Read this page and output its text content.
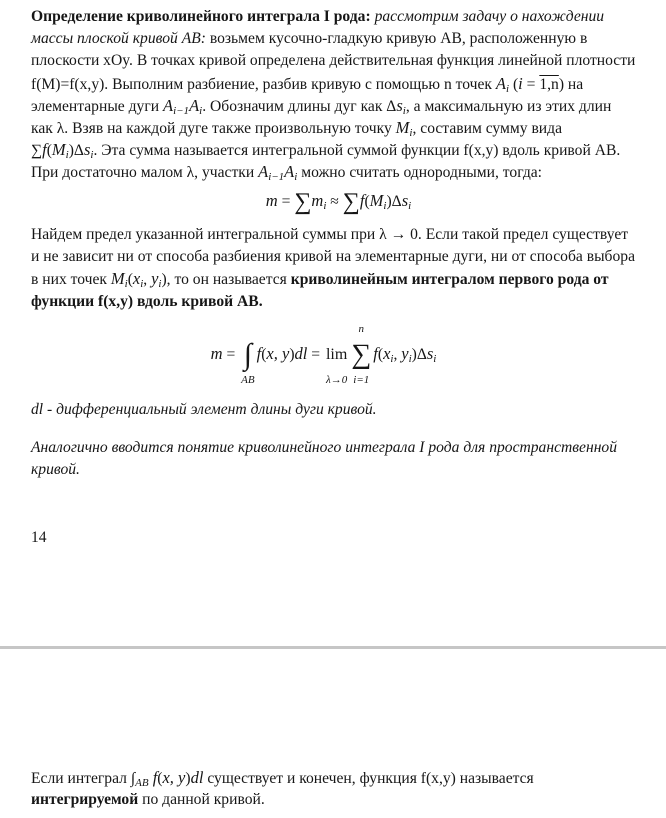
Определение криволинейного интеграла I рода: рассмотрим задачу о нахождении
массы плоской кривой АВ: возьмем кусочно-гладкую кривую АВ, расположенную в
плоскости xOy. В точках кривой определена действительная функция линейной плотности
f(M)=f(x,y). Выполним разбиение, разбив кривую с помощью n точек Ai (i = 1,n) на
элементарные дуги Ai−1Ai. Обозначим длины дуг как Δsi, а максимальную из этих длин
как λ. Взяв на каждой дуге также произвольную точку Mi, составим сумму вида
∑f(Mi)Δsi. Эта сумма называется интегральной суммой функции f(x,y) вдоль кривой АВ.
При достаточно малом λ, участки Ai−1Ai можно считать однородными, тогда:
m = ∑mi ≈ ∑f(Mi)Δsi
Найдем предел указанной интегральной суммы при λ → 0. Если такой предел существует
и не зависит ни от способа разбиения кривой на элементарные дуги, ни от способа выбора
в них точек Mi(xi, yi), то он называется криволинейным интегралом первого рода от
функции f(x,y) вдоль кривой АВ.
m = ∫
AB
f(x, y)dl = lim
λ→0
n
∑
i=1
f(xi, yi)Δsi
dl - дифференциальный элемент длины дуги кривой.
Аналогично вводится понятие криволинейного интеграла I рода для пространственной
кривой.
14
Если интеграл ∫AB f(x, y)dl существует и конечен, функция f(x,y) называется
интегрируемой по данной кривой.
